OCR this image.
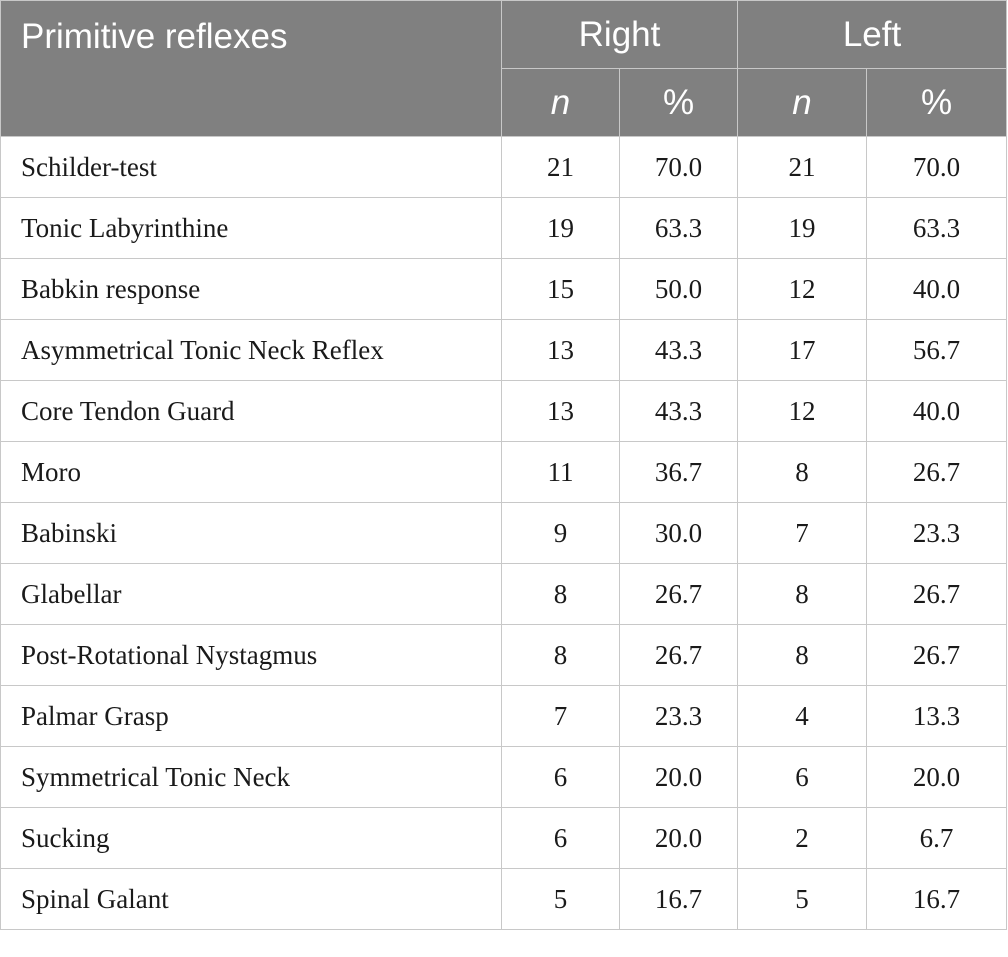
Primitive reflexes	Right		Left	
	n	%	n	%
Schilder-test	21	70.0	21	70.0
Tonic Labyrinthine	19	63.3	19	63.3
Babkin response	15	50.0	12	40.0
Asymmetrical Tonic Neck Reflex	13	43.3	17	56.7
Core Tendon Guard	13	43.3	12	40.0
Moro	11	36.7	8	26.7
Babinski	9	30.0	7	23.3
Glabellar	8	26.7	8	26.7
Post-Rotational Nystagmus	8	26.7	8	26.7
Palmar Grasp	7	23.3	4	13.3
Symmetrical Tonic Neck	6	20.0	6	20.0
Sucking	6	20.0	2	6.7
Spinal Galant	5	16.7	5	16.7
